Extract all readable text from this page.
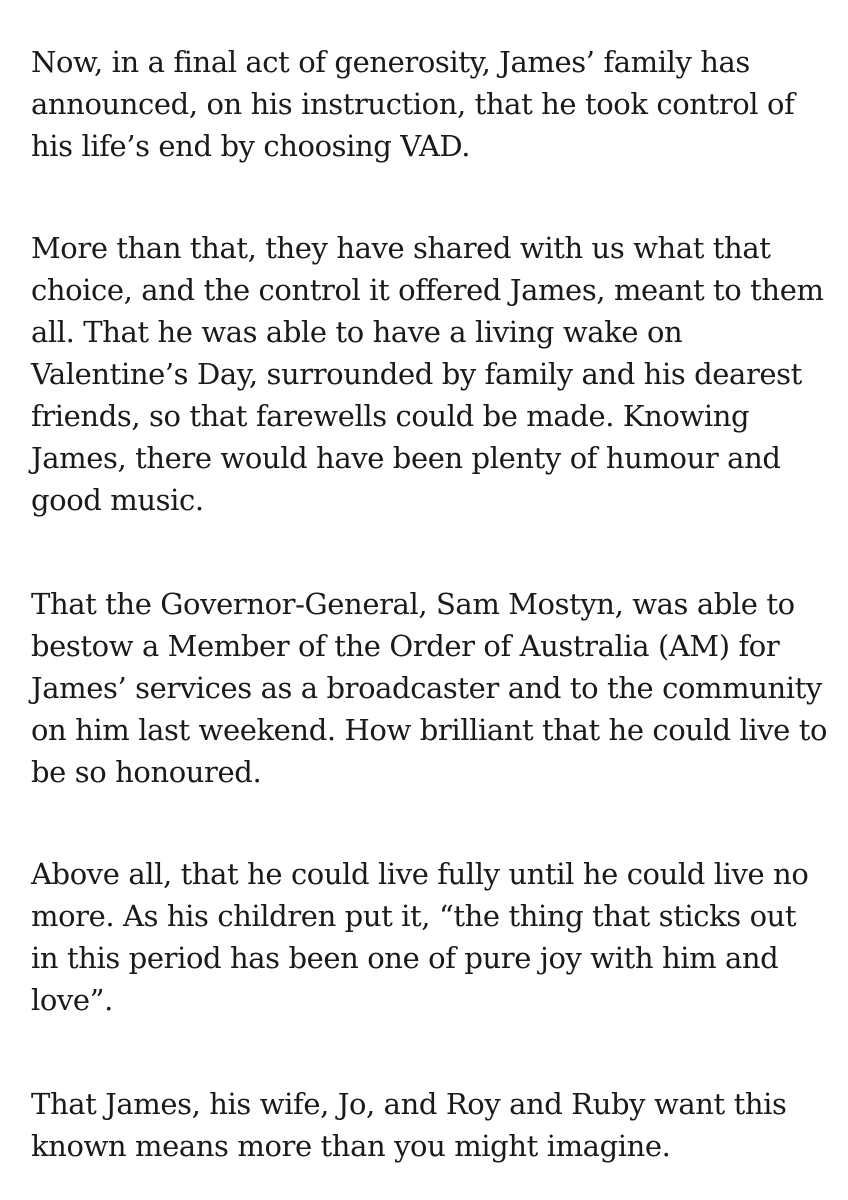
Now, in a final act of generosity, James’ family has
announced, on his instruction, that he took control of
his life’s end by choosing VAD.

More than that, they have shared with us what that
choice, and the control it offered James, meant to them
all. That he was able to have a living wake on
Valentine’s Day, surrounded by family and his dearest
friends, so that farewells could be made. Knowing
James, there would have been plenty of humour and
good music.

That the Governor-General, Sam Mostyn, was able to
bestow a Member of the Order of Australia (AM) for
James’ services as a broadcaster and to the community
on him last weekend. How brilliant that he could live to
be so honoured.

Above all, that he could live fully until he could live no
more. As his children put it, “the thing that sticks out
in this period has been one of pure joy with him and
love”.

That James, his wife, Jo, and Roy and Ruby want this
known means more than you might imagine.
